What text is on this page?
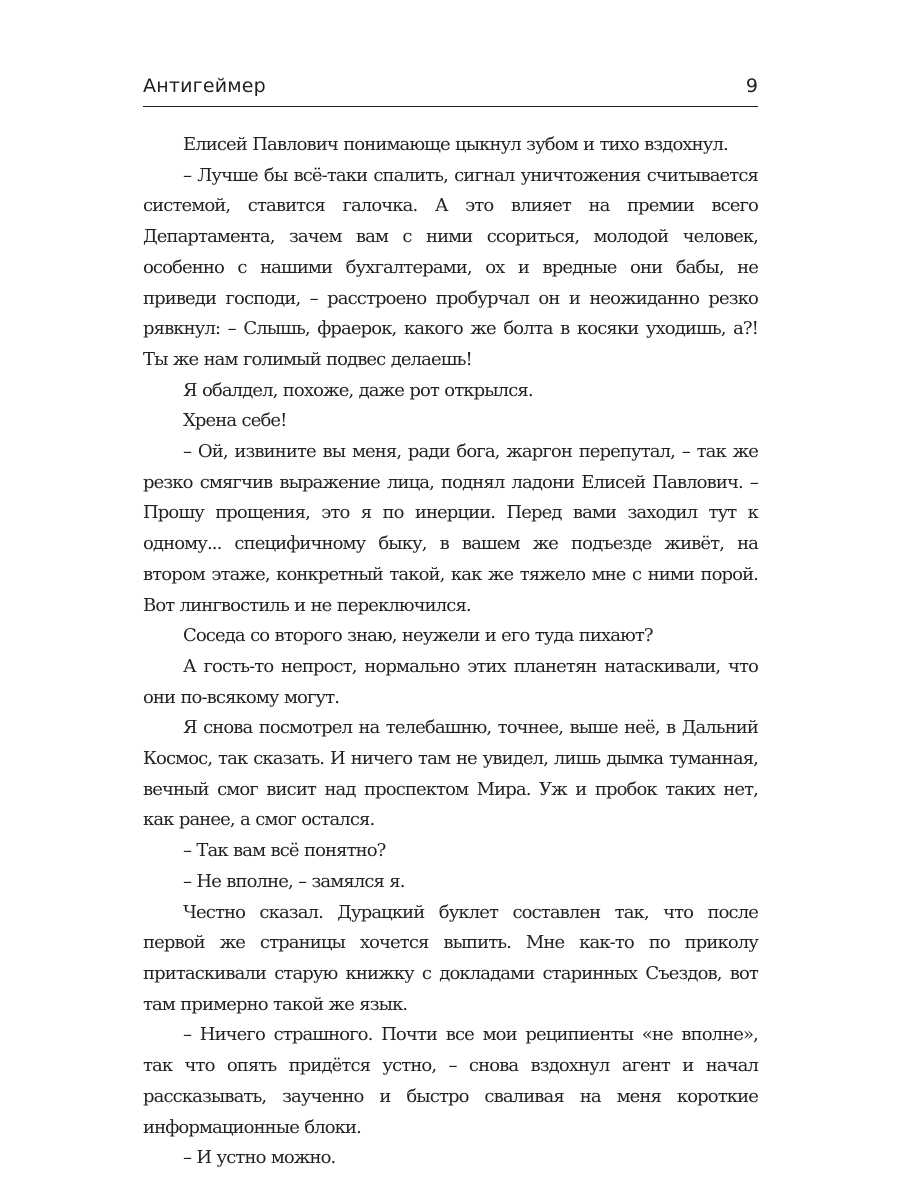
Антигеймер	9

Елисей Павлович понимающе цыкнул зубом и тихо вздохнул.

– Лучше бы всё-таки спалить, сигнал уничтожения считывается системой, ставится галочка. А это влияет на премии всего Департамента, зачем вам с ними ссориться, молодой человек, особенно с нашими бухгалтерами, ох и вредные они бабы, не приведи господи, – расстроено пробурчал он и неожиданно резко рявкнул: – Слышь, фраерок, какого же болта в косяки уходишь, а?! Ты же нам голимый подвес делаешь!

Я обалдел, похоже, даже рот открылся.

Хрена себе!

– Ой, извините вы меня, ради бога, жаргон перепутал, – так же резко смягчив выражение лица, поднял ладони Елисей Павлович. – Прошу прощения, это я по инерции. Перед вами заходил тут к одному... специфичному быку, в вашем же подъезде живёт, на втором этаже, конкретный такой, как же тяжело мне с ними порой. Вот лингвостиль и не переключился.

Соседа со второго знаю, неужели и его туда пихают?

А гость-то непрост, нормально этих планетян натаскивали, что они по-всякому могут.

Я снова посмотрел на телебашню, точнее, выше неё, в Дальний Космос, так сказать. И ничего там не увидел, лишь дымка туманная, вечный смог висит над проспектом Мира. Уж и пробок таких нет, как ранее, а смог остался.

– Так вам всё понятно?

– Не вполне, – замялся я.

Честно сказал. Дурацкий буклет составлен так, что после первой же страницы хочется выпить. Мне как-то по приколу притаскивали старую книжку с докладами старинных Съездов, вот там примерно такой же язык.

– Ничего страшного. Почти все мои реципиенты «не вполне», так что опять придётся устно, – снова вздохнул агент и начал рассказывать, заученно и быстро сваливая на меня короткие информационные блоки.

– И устно можно.
